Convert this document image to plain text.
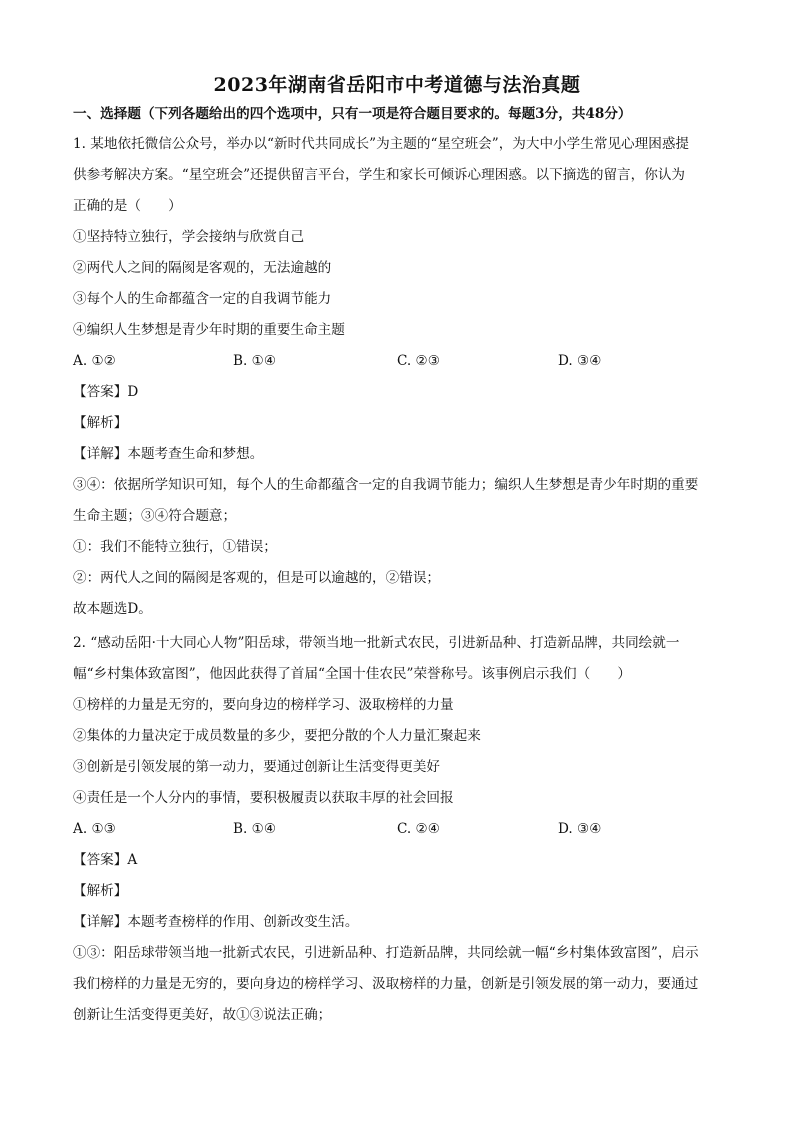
2023年湖南省岳阳市中考道德与法治真题
一、选择题（下列各题给出的四个选项中，只有一项是符合题目要求的。每题3分，共48分）
1. 某地依托微信公众号，举办以“新时代共同成长”为主题的“星空班会”，为大中小学生常见心理困惑提
供参考解决方案。“星空班会”还提供留言平台，学生和家长可倾诉心理困惑。以下摘选的留言，你认为
正确的是（　　）
①坚持特立独行，学会接纳与欣赏自己
②两代人之间的隔阂是客观的，无法逾越的
③每个人的生命都蕴含一定的自我调节能力
④编织人生梦想是青少年时期的重要生命主题
A. ①②	B. ①④	C. ②③	D. ③④
【答案】D
【解析】
【详解】本题考查生命和梦想。
③④：依据所学知识可知，每个人的生命都蕴含一定的自我调节能力；编织人生梦想是青少年时期的重要
生命主题；③④符合题意；
①：我们不能特立独行，①错误；
②：两代人之间的隔阂是客观的，但是可以逾越的，②错误；
故本题选D。
2. “感动岳阳·十大同心人物”阳岳球，带领当地一批新式农民，引进新品种、打造新品牌，共同绘就一
幅“乡村集体致富图”，他因此获得了首届“全国十佳农民”荣誉称号。该事例启示我们（　　）
①榜样的力量是无穷的，要向身边的榜样学习、汲取榜样的力量
②集体的力量决定于成员数量的多少，要把分散的个人力量汇聚起来
③创新是引领发展的第一动力，要通过创新让生活变得更美好
④责任是一个人分内的事情，要积极履责以获取丰厚的社会回报
A. ①③	B. ①④	C. ②④	D. ③④
【答案】A
【解析】
【详解】本题考查榜样的作用、创新改变生活。
①③：阳岳球带领当地一批新式农民，引进新品种、打造新品牌，共同绘就一幅“乡村集体致富图”，启示
我们榜样的力量是无穷的，要向身边的榜样学习、汲取榜样的力量，创新是引领发展的第一动力，要通过
创新让生活变得更美好，故①③说法正确；
